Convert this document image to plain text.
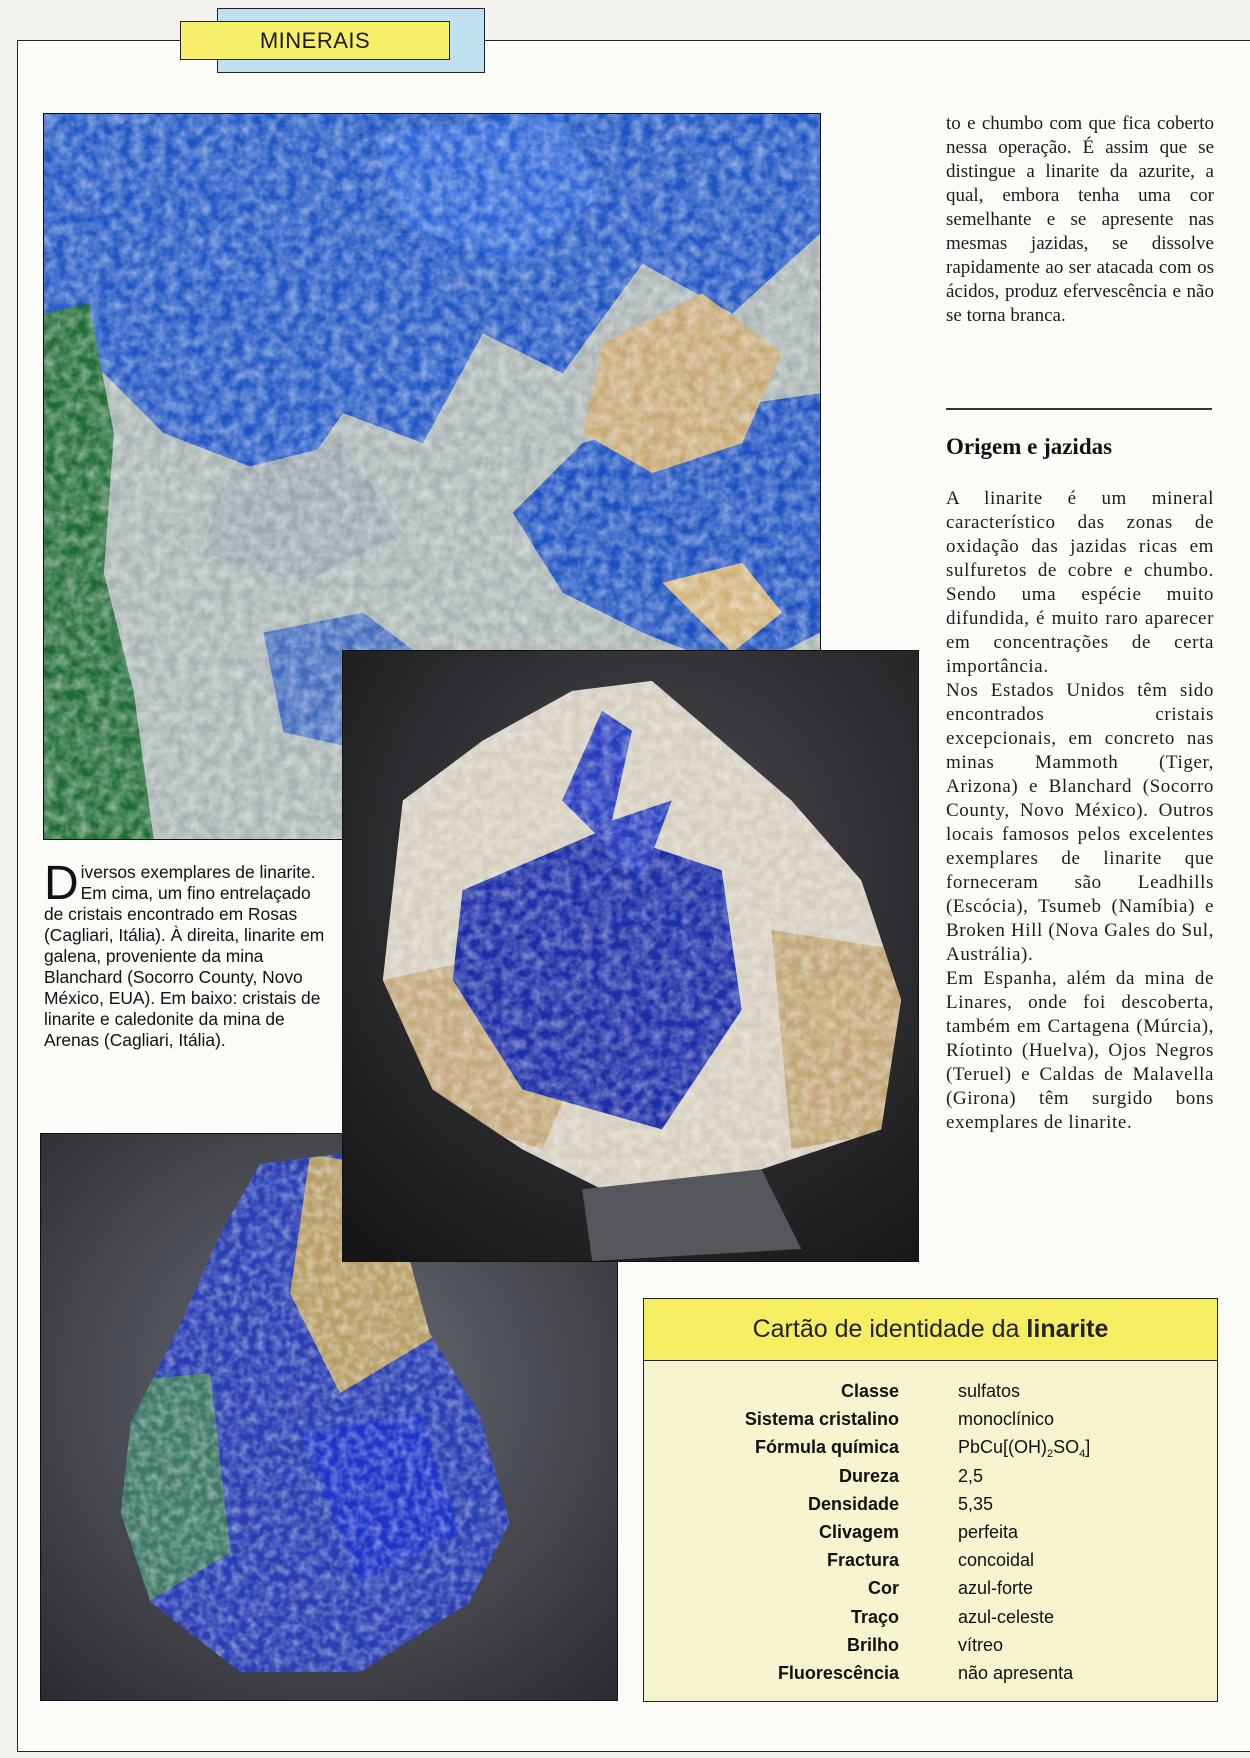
MINERAIS
Diversos exemplares de linarite. Em cima, um fino entrelaçado de cristais encontrado em Rosas (Cagliari, Itália). À direita, linarite em galena, proveniente da mina Blanchard (Socorro County, Novo México, EUA). Em baixo: cristais de linarite e caledonite da mina de Arenas (Cagliari, Itália).

to e chumbo com que fica coberto nessa operação. É assim que se distingue a linarite da azurite, a qual, embora tenha uma cor semelhante e se apresente nas mesmas jazidas, se dissolve rapidamente ao ser atacada com os ácidos, produz efervescência e não se torna branca.

Origem e jazidas

A linarite é um mineral característico das zonas de oxidação das jazidas ricas em sulfuretos de cobre e chumbo. Sendo uma espécie muito difundida, é muito raro aparecer em concentrações de certa importância.

Nos Estados Unidos têm sido encontrados cristais excepcionais, em concreto nas minas Mammoth (Tiger, Arizona) e Blanchard (Socorro County, Novo México). Outros locais famosos pelos excelentes exemplares de linarite que forneceram são Leadhills (Escócia), Tsumeb (Namíbia) e Broken Hill (Nova Gales do Sul, Austrália).

Em Espanha, além da mina de Linares, onde foi descoberta, também em Cartagena (Múrcia), Ríotinto (Huelva), Ojos Negros (Teruel) e Caldas de Malavella (Girona) têm surgido bons exemplares de linarite.

Cartão de identidade da linarite
Classe	sulfatos
Sistema cristalino	monoclínico
Fórmula química	$PbCu[(OH)_2SO_4]$
Dureza	2,5
Densidade	5,35
Clivagem	perfeita
Fractura	concoidal
Cor	azul-forte
Traço	azul-celeste
Brilho	vítreo
Fluorescência	não apresenta
